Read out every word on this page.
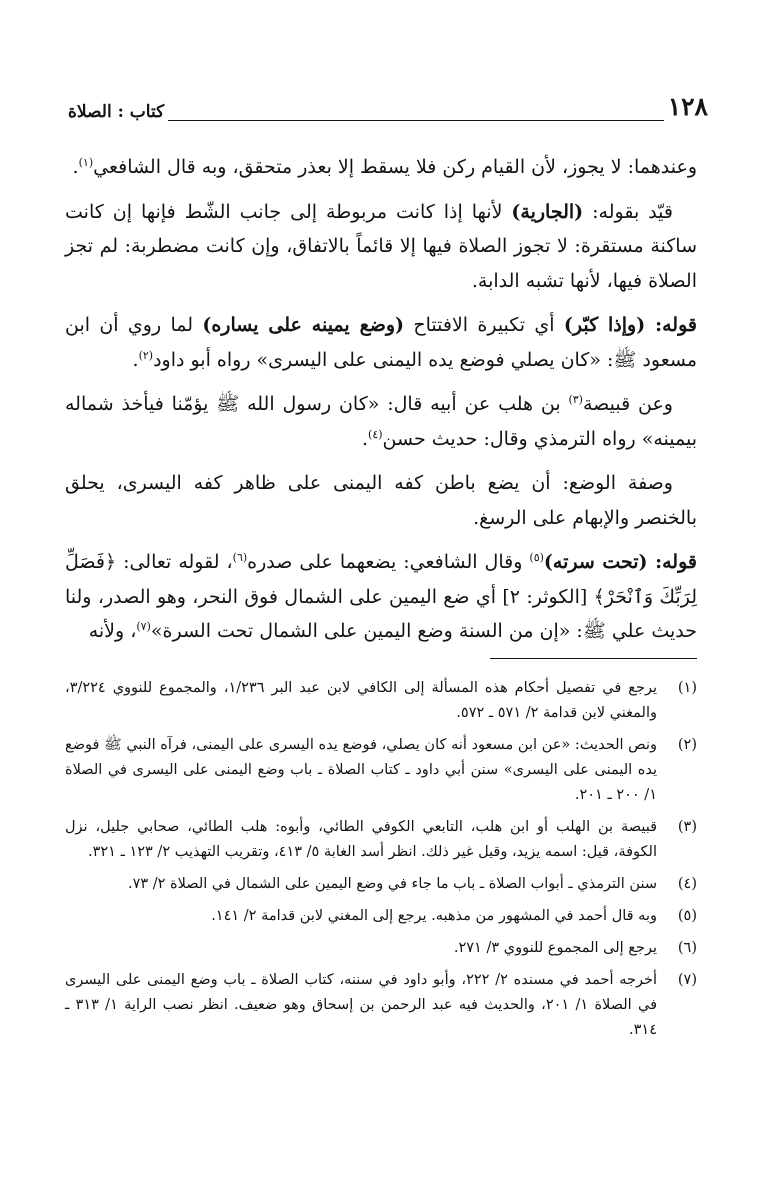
١٢٨
كتاب : الصلاة

وعندهما: لا يجوز، لأن القيام ركن فلا يسقط إلا بعذر متحقق، وبه قال الشافعي$^{(١)}$.

قيّد بقوله: (الجارية) لأنها إذا كانت مربوطة إلى جانب الشّط فإنها إن كانت ساكنة مستقرة: لا تجوز الصلاة فيها إلا قائماً بالاتفاق، وإن كانت مضطربة: لم تجز الصلاة فيها، لأنها تشبه الدابة.

قوله: (وإذا كبّر) أي تكبيرة الافتتاح (وضع يمينه على يساره) لما روي أن ابن مسعود ﷺ: «كان يصلي فوضع يده اليمنى على اليسرى» رواه أبو داود$^{(٢)}$.

وعن قبيصة$^{(٣)}$ بن هلب عن أبيه قال: «كان رسول الله ﷺ يؤمّنا فيأخذ شماله بيمينه» رواه الترمذي وقال: حديث حسن$^{(٤)}$.

وصفة الوضع: أن يضع باطن كفه اليمنى على ظاهر كفه اليسرى، يحلق بالخنصر والإبهام على الرسغ.

قوله: (تحت سرته)$^{(٥)}$ وقال الشافعي: يضعهما على صدره$^{(٦)}$، لقوله تعالى: ﴿فَصَلِّ لِرَبِّكَ وَٱنْحَرْ﴾ [الكوثر: ٢] أي ضع اليمين على الشمال فوق النحر، وهو الصدر، ولنا حديث علي ﷺ: «إن من السنة وضع اليمين على الشمال تحت السرة»$^{(٧)}$، ولأنه

(١)
يرجع في تفصيل أحكام هذه المسألة إلى الكافي لابن عبد البر ١/٢٣٦، والمجموع للنووي ٣/٢٢٤، والمغني لابن قدامة ٢/ ٥٧١ ـ ٥٧٢.
(٢)
ونص الحديث: «عن ابن مسعود أنه كان يصلي، فوضع يده اليسرى على اليمنى، فرآه النبي ﷺ فوضع يده اليمنى على اليسرى» سنن أبي داود ـ كتاب الصلاة ـ باب وضع اليمنى على اليسرى في الصلاة ١/ ٢٠٠ ـ ٢٠١.
(٣)
قبيصة بن الهلب أو ابن هلب، التابعي الكوفي الطائي، وأبوه: هلب الطائي، صحابي جليل، نزل الكوفة، قيل: اسمه يزيد، وقيل غير ذلك. انظر أسد الغابة ٥/ ٤١٣، وتقريب التهذيب ٢/ ١٢٣ ـ ٣٢١.
(٤)
سنن الترمذي ـ أبواب الصلاة ـ باب ما جاء في وضع اليمين على الشمال في الصلاة ٢/ ٧٣.
(٥)
وبه قال أحمد في المشهور من مذهبه. يرجع إلى المغني لابن قدامة ٢/ ١٤١.
(٦)
يرجع إلى المجموع للنووي ٣/ ٢٧١.
(٧)
أخرجه أحمد في مسنده ٢/ ٢٢٢، وأبو داود في سننه، كتاب الصلاة ـ باب وضع اليمنى على اليسرى في الصلاة ١/ ٢٠١، والحديث فيه عبد الرحمن بن إسحاق وهو ضعيف. انظر نصب الراية ١/ ٣١٣ ـ ٣١٤.
